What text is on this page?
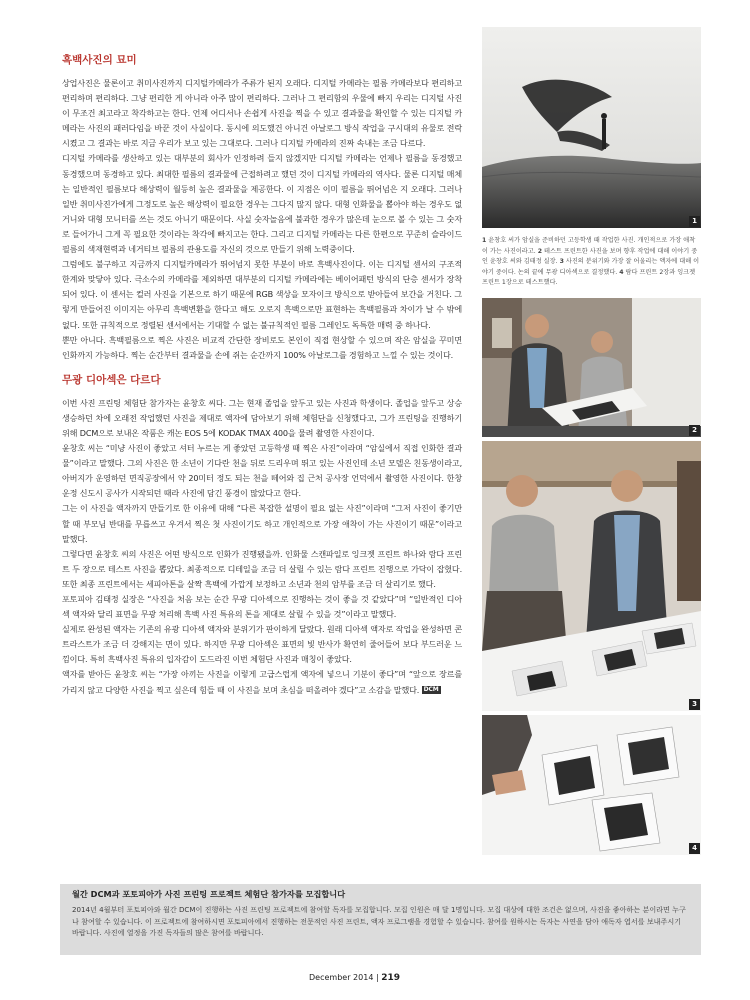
흑백사진의 묘미

상업사진은 물론이고 취미사진까지 디지털카메라가 주류가 된지 오래다. 디지털 카메라는 필름 카메라보다 편리하고 편리하며 편리하다. 그냥 편리한 게 아니라 아주 많이 편리하다. 그러나 그 편리함의 우물에 빠지 우리는 디지털 사진이 무조건 최고라고 착각하고는 한다. 언제 어디서나 손쉽게 사진을 찍을 수 있고 결과물을 확인할 수 있는 디지털 카메라는 사진의 패러다임을 바꾼 것이 사실이다. 동시에 의도했건 아니건 아날로그 방식 작업을 구시대의 유물로 전락시켰고 그 결과는 바로 지금 우리가 보고 있는 그대로다. 그러나 디지털 카메라의 진짜 속내는 조금 다르다.

디지털 카메라를 생산하고 있는 대부분의 회사가 인정하려 들지 않겠지만 디지털 카메라는 언제나 필름을 동경했고 동경했으며 동경하고 있다. 최대한 필름의 결과물에 근접하려고 했던 것이 디지털 카메라의 역사다. 물론 디지털 매체는 일반적인 필름보다 해상력이 월등히 높은 결과물을 제공한다. 이 지점은 이미 필름을 뛰어넘은 지 오래다. 그러나 일반 취미사진가에게 그정도로 높은 해상력이 필요한 경우는 그다지 많지 않다. 대형 인화물을 뽑아야 하는 경우도 없거니와 대형 모니터를 쓰는 것도 아니기 때문이다. 사실 숫자놀음에 불과한 경우가 많은데 눈으로 볼 수 있는 그 숫자로 들어가니 그게 꼭 필요한 것이라는 착각에 빠지고는 한다. 그리고 디지털 카메라는 다른 한편으로 꾸준히 슬라이드 필름의 색재현력과 네거티브 필름의 관용도를 자신의 것으로 만들기 위해 노력중이다.

그럼에도 불구하고 지금까지 디지털카메라가 뛰어넘지 못한 부분이 바로 흑백사진이다. 이는 디지털 센서의 구조적 한계와 맞닿아 있다. 극소수의 카메라를 제외하면 대부분의 디지털 카메라에는 베이어패턴 방식의 단층 센서가 장착되어 있다. 이 센서는 컬러 사진을 기본으로 하기 때문에 RGB 색상을 모자이크 방식으로 받아들여 보간을 거친다. 그렇게 만들어진 이미지는 아무리 흑백변환을 한다고 해도 오로지 흑백으로만 표현하는 흑백필름과 차이가 날 수 밖에 없다. 또한 규칙적으로 정렬된 센서에서는 기대할 수 없는 불규칙적인 필름 그레인도 독특한 매력 중 하나다.

뿐만 아니다. 흑백필름으로 찍은 사진은 비교적 간단한 장비로도 본인이 직접 현상할 수 있으며 작은 암실을 꾸미면 인화까지 가능하다. 찍는 순간부터 결과물을 손에 쥐는 순간까지 100% 아날로그를 경험하고 느낄 수 있는 것이다.

무광 디아섹은 다르다

이번 사진 프린팅 체험단 참가자는 윤창호 씨다. 그는 현재 졸업을 앞두고 있는 사진과 학생이다. 졸업을 앞두고 상승생승하던 차에 오래전 작업했던 사진을 제대로 액자에 담아보기 위해 체험단을 신청했다고, 그가 프린팅을 진행하기 위해 DCM으로 보내온 작품은 캐논 EOS 5에 KODAK TMAX 400을 물려 촬영한 사진이다.

윤창호 씨는 “미냥 사진이 좋았고 셔터 누르는 게 좋았던 고등학생 때 찍은 사진”이라며 “암실에서 직접 인화한 결과물”이라고 말했다. 그의 사진은 한 소년이 기다란 천을 뒤로 드리우며 뛰고 있는 사진인데 소년 모델은 친동생이라고, 아버지가 운영하던 면직공장에서 약 20미터 정도 되는 천을 떼어와 집 근처 공사장 언덕에서 촬영한 사진이다. 한창 운정 신도시 공사가 시작되던 때라 사진에 담긴 풍경이 많았다고 한다.

그는 이 사진을 액자까지 만들기로 한 이유에 대해 “다른 복잡한 설명이 필요 없는 사진”이라며 “그저 사진이 좋기만 할 때 부모님 반대를 무릅쓰고 우겨서 찍은 첫 사진이기도 하고 개인적으로 가장 애착이 가는 사진이기 때문”이라고 말했다.

그렇다면 윤창호 씨의 사진은 어떤 방식으로 인화가 진행됐을까. 인화물 스캔파일로 잉크젯 프린트 하나와 람다 프린트 두 장으로 테스트 사진을 뽑았다. 최종적으로 디테일을 조금 더 살릴 수 있는 람다 프린트 진행으로 가닥이 잡혔다. 또한 최종 프린트에서는 세피아톤을 살짝 흑백에 가깝게 보정하고 소년과 천의 암부를 조금 더 살리기로 했다.

포토피아 김태정 실장은 “사진을 처음 보는 순간 무광 디아섹으로 진행하는 것이 좋을 것 같았다”며 “일반적인 디아섹 액자와 달리 표면을 무광 처리해 흑백 사진 특유의 톤을 제대로 살릴 수 있을 것”이라고 말했다.

실제로 완성된 액자는 기존의 유광 디아섹 액자와 분위기가 판이하게 달랐다. 원래 디아섹 액자로 작업을 완성하면 콘트라스트가 조금 더 강해지는 면이 있다. 하지만 무광 디아섹은 표면의 빛 반사가 확연히 줄어들어 보다 부드러운 느낌이다. 특히 흑백사진 특유의 입자감이 도드라진 이번 체험단 사진과 매칭이 좋았다.

액자를 받아든 윤창호 씨는 “가장 아끼는 사진을 이렇게 고급스럽게 액자에 넣으니 기분이 좋다”며 “앞으로 장르를 가리지 않고 다양한 사진을 찍고 싶은데 힘들 때 이 사진을 보며 초심을 떠올려야 겠다”고 소감을 말했다. DCM

1
1 윤창호 씨가 암실을 준비하던 고등학생 때 작업한 사진. 개인적으로 가장 애착이 가는 사진이라고. 2 테스트 프린트한 사진을 보며 향후 작업에 대해 이야기 중인 윤창호 씨와 김태정 실장. 3 사진의 분위기와 가장 잘 어울리는 액자에 대해 이야기 중이다. 논의 끝에 무광 디아섹으로 결정했다. 4 람다 프린트 2장과 잉크젯 프린트 1장으로 테스트했다.
2
3
4
월간 DCM과 포토피아가 사진 프린팅 프로젝트 체험단 참가자를 모집합니다
2014년 4월부터 포토피아와 월간 DCM이 진행하는 사진 프린팅 프로젝트에 참여할 독자를 모집합니다. 모집 인원은 매 달 1명입니다. 모집 대상에 대한 조건은 없으며, 사진을 좋아하는 분이라면 누구나 참여할 수 있습니다. 이 프로젝트에 참여하시면 포토피아에서 진행하는 전문적인 사진 프린트, 액자 프로그램을 경험할 수 있습니다. 참여를 원하시는 독자는 사연을 담아 애독자 엽서를 보내주시기 바랍니다. 사진에 열정을 가진 독자들의 많은 참여를 바랍니다.
December 2014 | 219
